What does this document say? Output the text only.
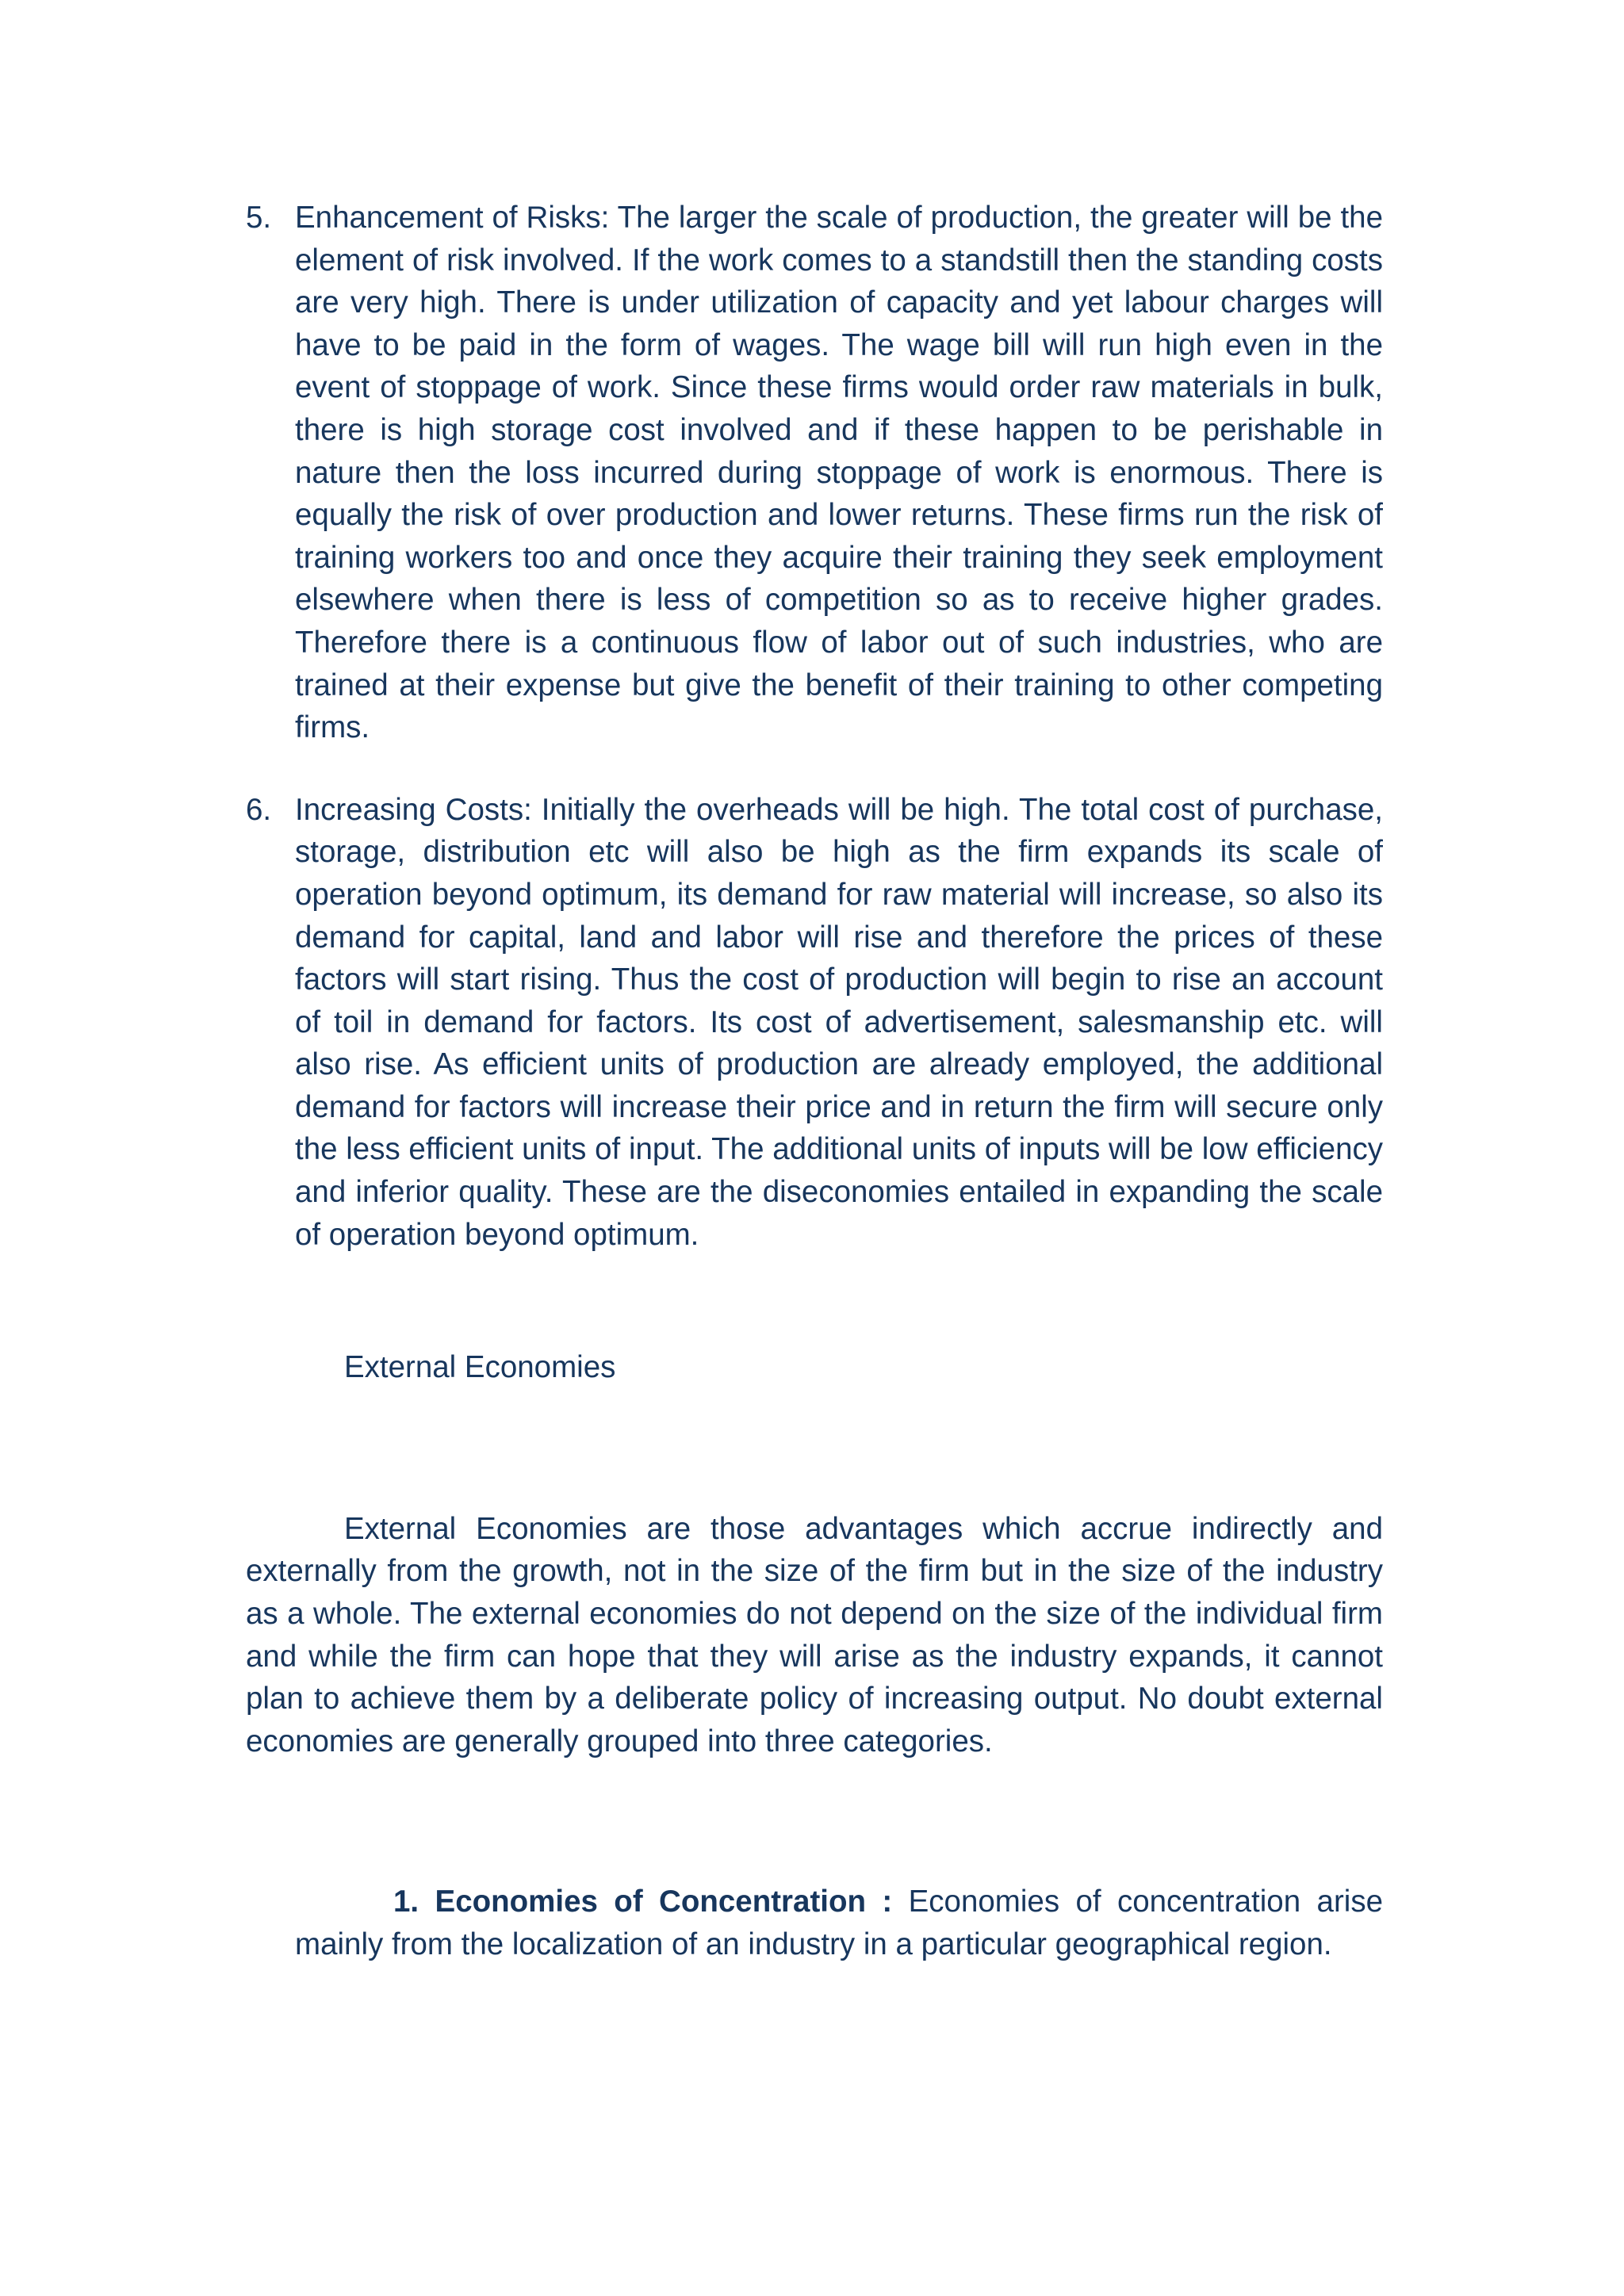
5. Enhancement of Risks: The larger the scale of production, the greater will be the element of risk involved. If the work comes to a standstill then the standing costs are very high. There is under utilization of capacity and yet labour charges will have to be paid in the form of wages. The wage bill will run high even in the event of stoppage of work. Since these firms would order raw materials in bulk, there is high storage cost involved and if these happen to be perishable in nature then the loss incurred during stoppage of work is enormous. There is equally the risk of over production and lower returns. These firms run the risk of training workers too and once they acquire their training they seek employment elsewhere when there is less of competition so as to receive higher grades. Therefore there is a continuous flow of labor out of such industries, who are trained at their expense but give the benefit of their training to other competing firms.
6. Increasing Costs: Initially the overheads will be high. The total cost of purchase, storage, distribution etc will also be high as the firm expands its scale of operation beyond optimum, its demand for raw material will increase, so also its demand for capital, land and labor will rise and therefore the prices of these factors will start rising. Thus the cost of production will begin to rise an account of toil in demand for factors. Its cost of advertisement, salesmanship etc. will also rise. As efficient units of production are already employed, the additional demand for factors will increase their price and in return the firm will secure only the less efficient units of input. The additional units of inputs will be low efficiency and inferior quality. These are the diseconomies entailed in expanding the scale of operation beyond optimum.

External Economies

External Economies are those advantages which accrue indirectly and externally from the growth, not in the size of the firm but in the size of the industry as a whole. The external economies do not depend on the size of the individual firm and while the firm can hope that they will arise as the industry expands, it cannot plan to achieve them by a deliberate policy of increasing output. No doubt external economies are generally grouped into three categories.

1. Economies of Concentration : Economies of concentration arise mainly from the localization of an industry in a particular geographical region.
